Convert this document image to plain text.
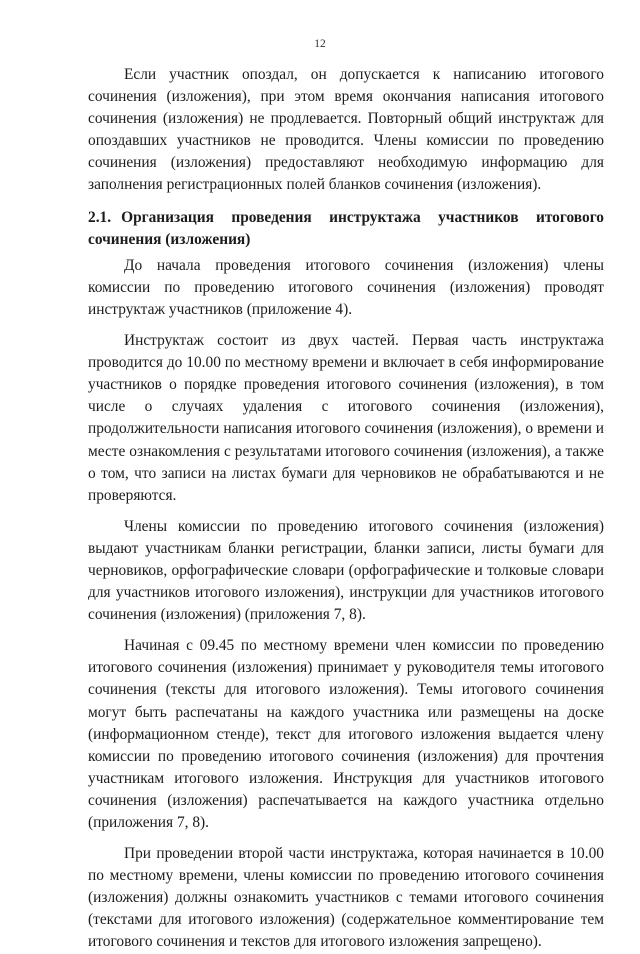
12

Если участник опоздал, он допускается к написанию итогового сочинения (изложения), при этом время окончания написания итогового сочинения (изложения) не продлевается. Повторный общий инструктаж для опоздавших участников не проводится. Члены комиссии по проведению сочинения (изложения) предоставляют необходимую информацию для заполнения регистрационных полей бланков сочинения (изложения).

2.1. Организация проведения инструктажа участников итогового сочинения (изложения)

До начала проведения итогового сочинения (изложения) члены комиссии по проведению итогового сочинения (изложения) проводят инструктаж участников (приложение 4).

Инструктаж состоит из двух частей. Первая часть инструктажа проводится до 10.00 по местному времени и включает в себя информирование участников о порядке проведения итогового сочинения (изложения), в том числе о случаях удаления с итогового сочинения (изложения), продолжительности написания итогового сочинения (изложения), о времени и месте ознакомления с результатами итогового сочинения (изложения), а также о том, что записи на листах бумаги для черновиков не обрабатываются и не проверяются.

Члены комиссии по проведению итогового сочинения (изложения) выдают участникам бланки регистрации, бланки записи, листы бумаги для черновиков, орфографические словари (орфографические и толковые словари для участников итогового изложения), инструкции для участников итогового сочинения (изложения) (приложения 7, 8).

Начиная с 09.45 по местному времени член комиссии по проведению итогового сочинения (изложения) принимает у руководителя темы итогового сочинения (тексты для итогового изложения). Темы итогового сочинения могут быть распечатаны на каждого участника или размещены на доске (информационном стенде), текст для итогового изложения выдается члену комиссии по проведению итогового сочинения (изложения) для прочтения участникам итогового изложения. Инструкция для участников итогового сочинения (изложения) распечатывается на каждого участника отдельно (приложения 7, 8).

При проведении второй части инструктажа, которая начинается в 10.00 по местному времени, члены комиссии по проведению итогового сочинения (изложения) должны ознакомить участников с темами итогового сочинения (текстами для итогового изложения) (содержательное комментирование тем итогового сочинения и текстов для итогового изложения запрещено).
